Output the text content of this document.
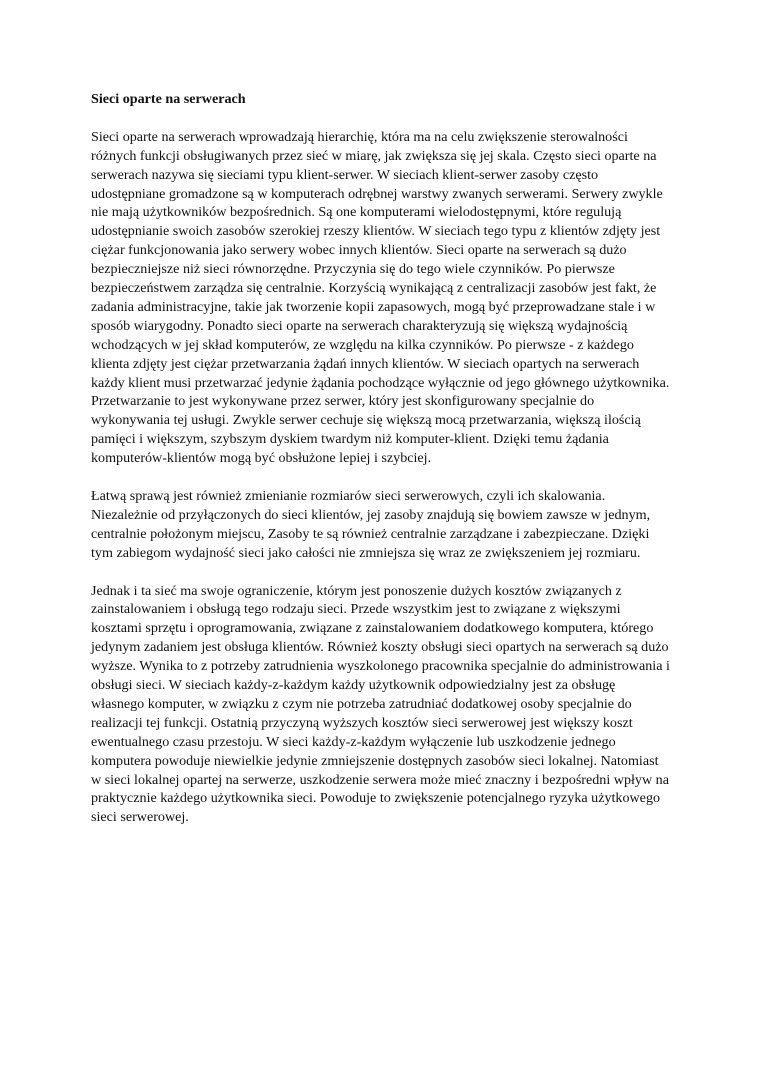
Sieci oparte na serwerach
Sieci oparte na serwerach wprowadzają hierarchię, która ma na celu zwiększenie sterowalności różnych funkcji obsługiwanych przez sieć w miarę, jak zwiększa się jej skala. Często sieci oparte na serwerach nazywa się sieciami typu klient-serwer. W sieciach klient-serwer zasoby często udostępniane gromadzone są w komputerach odrębnej warstwy zwanych serwerami. Serwery zwykle nie mają użytkowników bezpośrednich. Są one komputerami wielodostępnymi, które regulują udostępnianie swoich zasobów szerokiej rzeszy klientów. W sieciach tego typu z klientów zdjęty jest ciężar funkcjonowania jako serwery wobec innych klientów. Sieci oparte na serwerach są dużo bezpieczniejsze niż sieci równorzędne. Przyczynia się do tego wiele czynników. Po pierwsze bezpieczeństwem zarządza się centralnie. Korzyścią wynikającą z centralizacji zasobów jest fakt, że zadania administracyjne, takie jak tworzenie kopii zapasowych, mogą być przeprowadzane stale i w sposób wiarygodny. Ponadto sieci oparte na serwerach charakteryzują się większą wydajnością wchodzących w jej skład komputerów, ze względu na kilka czynników. Po pierwsze - z każdego klienta zdjęty jest ciężar przetwarzania żądań innych klientów. W sieciach opartych na serwerach każdy klient musi przetwarzać jedynie żądania pochodzące wyłącznie od jego głównego użytkownika. Przetwarzanie to jest wykonywane przez serwer, który jest skonfigurowany specjalnie do wykonywania tej usługi. Zwykle serwer cechuje się większą mocą przetwarzania, większą ilością pamięci i większym, szybszym dyskiem twardym niż komputer-klient. Dzięki temu żądania komputerów-klientów mogą być obsłużone lepiej i szybciej.
Łatwą sprawą jest również zmienianie rozmiarów sieci serwerowych, czyli ich skalowania. Niezależnie od przyłączonych do sieci klientów, jej zasoby znajdują się bowiem zawsze w jednym, centralnie położonym miejscu, Zasoby te są również centralnie zarządzane i zabezpieczane. Dzięki tym zabiegom wydajność sieci jako całości nie zmniejsza się wraz ze zwiększeniem jej rozmiaru.
Jednak i ta sieć ma swoje ograniczenie, którym jest ponoszenie dużych kosztów związanych z zainstalowaniem i obsługą tego rodzaju sieci. Przede wszystkim jest to związane z większymi kosztami sprzętu i oprogramowania, związane z zainstalowaniem dodatkowego komputera, którego jedynym zadaniem jest obsługa klientów. Również koszty obsługi sieci opartych na serwerach są dużo wyższe. Wynika to z potrzeby zatrudnienia wyszkolonego pracownika specjalnie do administrowania i obsługi sieci. W sieciach każdy-z-każdym każdy użytkownik odpowiedzialny jest za obsługę własnego komputer, w związku z czym nie potrzeba zatrudniać dodatkowej osoby specjalnie do realizacji tej funkcji. Ostatnią przyczyną wyższych kosztów sieci serwerowej jest większy koszt ewentualnego czasu przestoju. W sieci każdy-z-każdym wyłączenie lub uszkodzenie jednego komputera powoduje niewielkie jedynie zmniejszenie dostępnych zasobów sieci lokalnej. Natomiast w sieci lokalnej opartej na serwerze, uszkodzenie serwera może mieć znaczny i bezpośredni wpływ na praktycznie każdego użytkownika sieci. Powoduje to zwiększenie potencjalnego ryzyka użytkowego sieci serwerowej.
